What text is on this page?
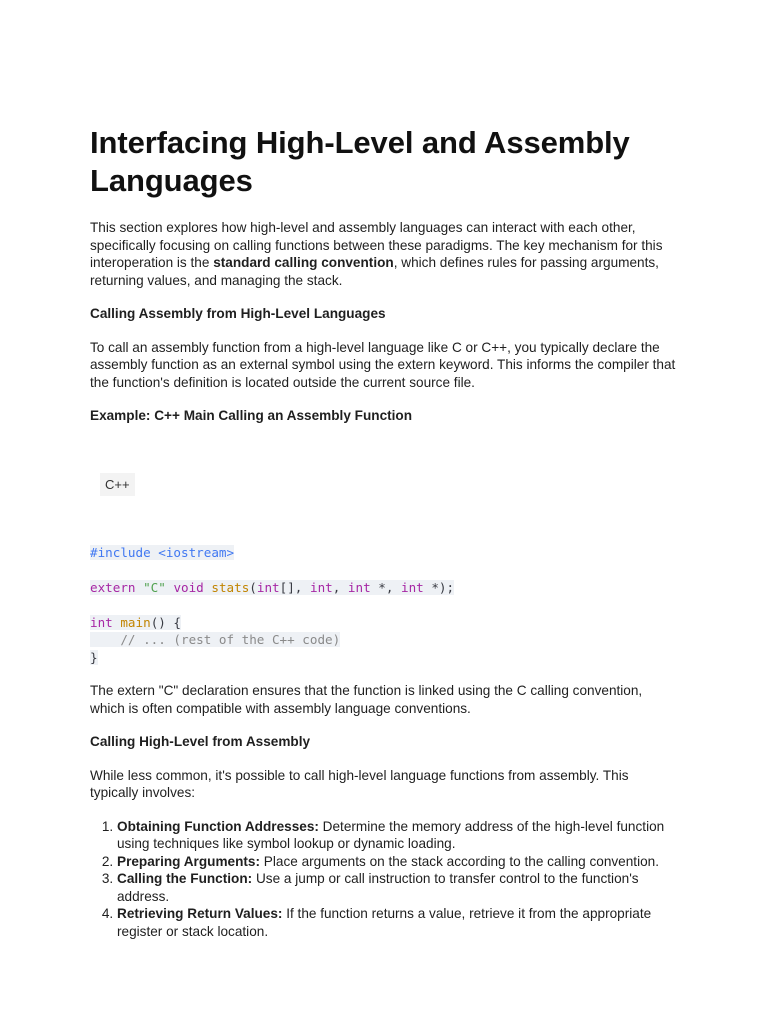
Interfacing High-Level and Assembly Languages

This section explores how high-level and assembly languages can interact with each other, specifically focusing on calling functions between these paradigms. The key mechanism for this interoperation is the standard calling convention, which defines rules for passing arguments, returning values, and managing the stack.

Calling Assembly from High-Level Languages

To call an assembly function from a high-level language like C or C++, you typically declare the assembly function as an external symbol using the extern keyword. This informs the compiler that the function's definition is located outside the current source file.

Example: C++ Main Calling an Assembly Function
C++
#include <iostream>
extern "C" void stats(int[], int, int *, int *);
int main() {
// ... (rest of the C++ code)
}

The extern "C" declaration ensures that the function is linked using the C calling convention, which is often compatible with assembly language conventions.

Calling High-Level from Assembly

While less common, it's possible to call high-level language functions from assembly. This typically involves:

1. Obtaining Function Addresses: Determine the memory address of the high-level function using techniques like symbol lookup or dynamic loading.
2. Preparing Arguments: Place arguments on the stack according to the calling convention.
3. Calling the Function: Use a jump or call instruction to transfer control to the function's address.
4. Retrieving Return Values: If the function returns a value, retrieve it from the appropriate register or stack location.
